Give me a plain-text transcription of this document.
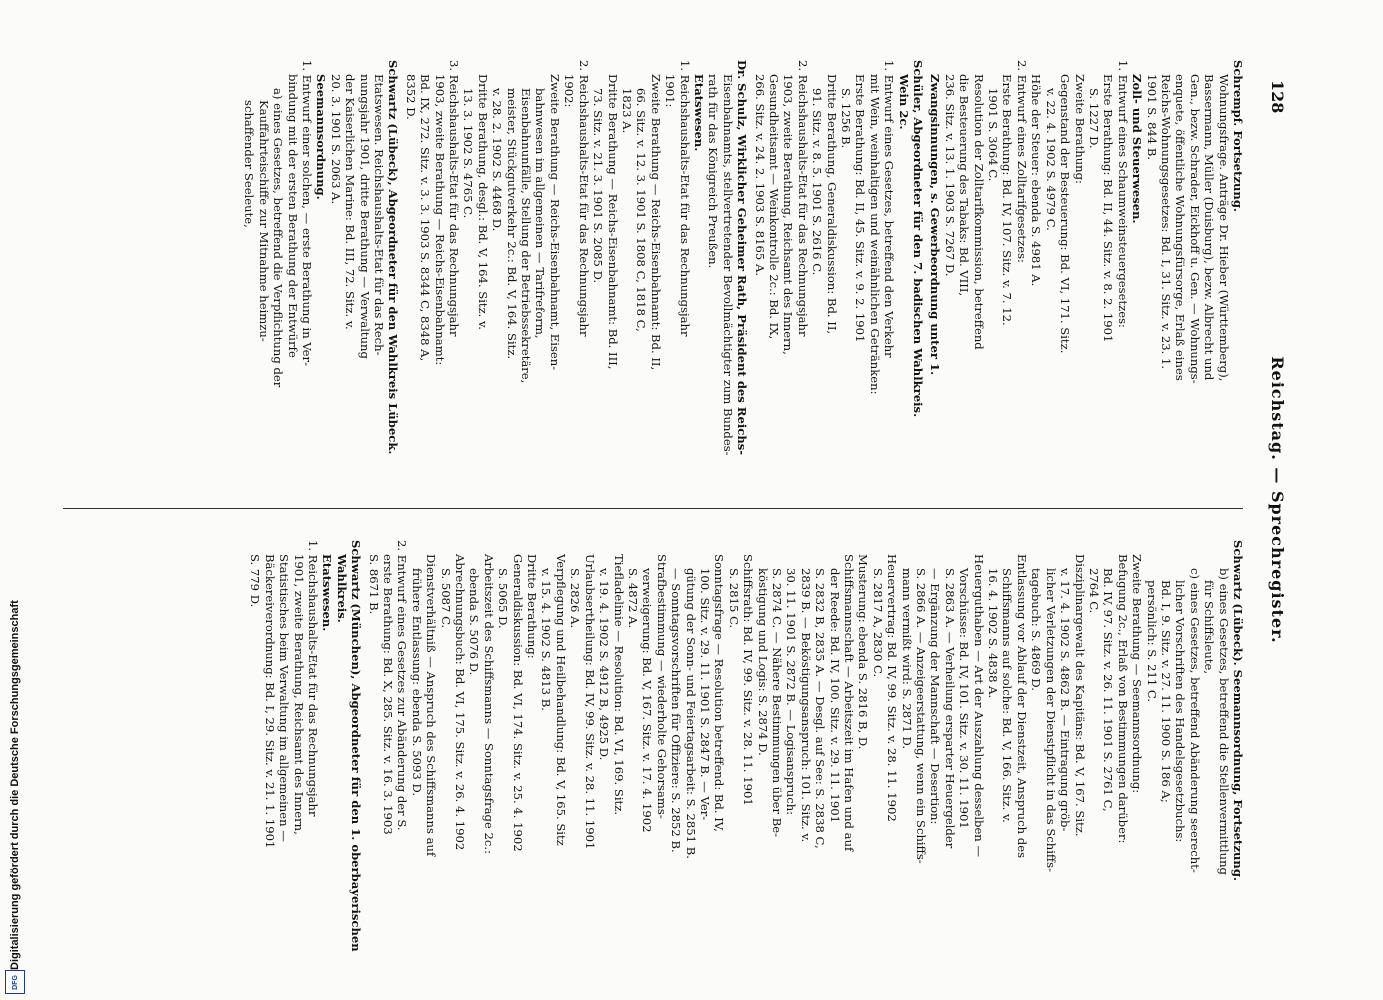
128
Reichstag. — Sprechregister.

Schrempf. Fortsetzung.

Wohnungsfrage. Anträge Dr. Hieber (Württemberg),

Bassermann, Müller (Duisburg), bezw. Albrecht und

Gen., bezw. Schrader, Eickhoff u. Gen. — Wohnungs-

enquete, öffentliche Wohnungsfürsorge, Erlaß eines

Reichs-Wohnungsgesetzes: Bd. I, 31. Sitz. v. 23. 1.

1901 S. 844 B.

Zoll- und Steuerwesen.

1. Entwurf eines Schaumweinsteuergesetzes:

Erste Berathung: Bd. II, 44. Sitz. v. 8. 2. 1901

S. 1227 D.

Zweite Berathung:

Gegenstand der Besteuerung: Bd. VI, 171. Sitz.

v. 22. 4. 1902 S. 4979 C.

Höhe der Steuer: ebenda S. 4981 A.

2. Entwurf eines Zolltarifgesetzes:

Erste Berathung: Bd. IV, 107. Sitz. v. 7. 12.

1901 S. 3064 C.

Resolution der Zolltarifkommission, betreffend

die Besteuerung des Tabaks: Bd. VIII,

236. Sitz. v. 13. 1. 1903 S. 7267 D.

Zwangsinnungen, s. Gewerbeordnung unter 1.

Schüler, Abgeordneter für den 7. badischen Wahlkreis.

Wein 2c.

1. Entwurf eines Gesetzes, betreffend den Verkehr

mit Wein, weinhaltigen und weinähnlichen Getränken:

Erste Berathung: Bd. II, 45. Sitz. v. 9. 2. 1901

S. 1256 B.

Dritte Berathung, Generaldiskussion: Bd. II,

91. Sitz. v. 8. 5. 1901 S. 2616 C.

2. Reichshaushalts-Etat für das Rechnungsjahr

1903, zweite Berathung, Reichsamt des Innern,

Gesundheitsamt — Weinkontrolle 2c.: Bd. IX,

266. Sitz. v. 24. 2. 1903 S. 8165 A.

Dr. Schulz, Wirklicher Geheimer Rath, Präsident des Reichs-

Eisenbahnamts, stellvertretender Bevollmächtigter zum Bundes-

rath für das Königreich Preußen.

Etatswesen.

1. Reichshaushalts-Etat für das Rechnungsjahr

1901:

Zweite Berathung — Reichs-Eisenbahnamt: Bd. II,

66. Sitz. v. 12. 3. 1901 S. 1808 C, 1818 C,

1823 A.

Dritte Berathung — Reichs-Eisenbahnamt: Bd. III,

73. Sitz. v. 21. 3. 1901 S. 2085 D.

2. Reichshaushalts-Etat für das Rechnungsjahr

1902:

Zweite Berathung — Reichs-Eisenbahnamt, Eisen-

bahnwesen im allgemeinen — Tarifreform,

Eisenbahnunfälle, Stellung der Betriebssekretäre,

meister, Stückgutverkehr 2c.: Bd. V, 164. Sitz.

v. 28. 2. 1902 S. 4468 D.

Dritte Berathung, desgl.: Bd. V, 164. Sitz. v.

13. 3. 1902 S. 4765 C.

3. Reichshaushalts-Etat für das Rechnungsjahr

1903, zweite Berathung — Reichs-Eisenbahnamt:

Bd. IX, 272. Sitz. v. 3. 3. 1903 S. 8344 C, 8348 A,

8352 D.

Schwartz (Lübeck), Abgeordneter für den Wahlkreis Lübeck.

Etatswesen. Reichshaushalts-Etat für das Rech-

nungsjahr 1901, dritte Berathung — Verwaltung

der Kaiserlichen Marine: Bd. III, 72. Sitz. v.

20. 3. 1901 S. 2063 A.

Seemannsordnung.

1. Entwurf einer solchen, — erste Berathung in Ver-

bindung mit der ersten Berathung der Entwürfe

a) eines Gesetzes, betreffend die Verpflichtung der

Kauffahrteischiffe zur Mitnahme heimzu-

schaffender Seeleute,

Schwartz (Lübeck). Seemannsordnung, Fortsetzung.

b) eines Gesetzes, betreffend die Stellenvermittlung

für Schiffsleute,

c) eines Gesetzes, betreffend Abänderung seerecht-

licher Vorschriften des Handelsgesetzbuchs:

Bd. I, 9. Sitz. v. 27. 11. 1900 S. 186 A;

persönlich: S. 211 C.

Zweite Berathung — Seemannsordnung:

Befugung 2c., Erlaß von Bestimmungen darüber:

Bd. IV, 97. Sitz. v. 26. 11. 1901 S. 2761 C,

2764 C.

Disziplinargewalt des Kapitäns: Bd. V, 167. Sitz.

v. 17. 4. 1902 S. 4862 B. — Eintragung gröb-

licher Verletzungen der Dienstpflicht in das Schiffs-

tagebuch: S. 4869 D.

Entlassung vor Ablauf der Dienstzeit, Anspruch des

Schiffsmanns auf solche: Bd. V, 166. Sitz. v.

16. 4. 1902 S. 4838 A.

Heuerguthaben — Art der Auszahlung desselben —

Vorschüsse: Bd. IV, 101. Sitz. v. 30. 11. 1901

S. 2863 A. — Verheilung ersparter Heuergelder

— Ergänzung der Mannschaft — Desertion:

S. 2866 A. — Anzeigeerstattung, wenn ein Schiffs-

mann vermißt wird: S. 2871 D.

Heuervertrag: Bd. IV, 99. Sitz. v. 28. 11. 1902

S. 2817 A, 2830 C.

Musterung: ebenda S. 2816 B, D.

Schiffsmannschaft — Arbeitszeit im Hafen und auf

der Reede: Bd. IV, 100. Sitz. v. 29. 11. 1901

S. 2832 B, 2835 A. — Desgl. auf See: S. 2838 C,

2839 B. — Beköstigungsanspruch: 101. Sitz. v.

30. 11. 1901 S. 2872 B. — Logisanspruch:

S. 2874 C. — Nähere Bestimmungen über Be-

köstigung und Logis: S. 2874 D.

Schiffsrath: Bd. IV, 99. Sitz. v. 28. 11. 1901

S. 2815 C.

Sonntagsfrage — Resolution betreffend: Bd. IV,

100. Sitz. v. 29. 11. 1901 S. 2847 B. — Ver-

gütung der Sonn- und Feiertagsarbeit: S. 2851 B.

— Sonntagsvorschriften für Offiziere: S. 2852 B.

Strafbestimmung — wiederholte Gehorsams-

verweigerung: Bd. V, 167. Sitz. v. 17. 4. 1902

S. 4872 A.

Tiefladelinie — Resolution: Bd. VI, 169. Sitz.

v. 19. 4. 1902 S. 4912 B, 4925 D.

Urlaubsertheilung: Bd. IV, 99. Sitz. v. 28. 11. 1901

S. 2826 A.

Verpflegung und Heilbehandlung: Bd. V, 165. Sitz

v. 15. 4. 1902 S. 4813 B.

Dritte Berathung:

Generaldiskussion: Bd. VI, 174. Sitz. v. 25. 4. 1902

S. 5065 D.

Arbeitszeit des Schiffsmanns — Sonntagsfrage 2c.:

ebenda S. 5076 D.

Abrechnungsbuch: Bd. VI, 175. Sitz. v. 26. 4. 1902

S. 5087 C.

Dienstverhältniß — Anspruch des Schiffsmanns auf

frühere Entlassung: ebenda S. 5093 D.

2. Entwurf eines Gesetzes zur Abänderung der S.

erste Berathung: Bd. X, 285. Sitz. v. 16. 3. 1903

S. 8671 B.

Schwartz (München), Abgeordneter für den 1. oberbayerischen

Wahlkreis.

Etatswesen.

1. Reichshaushalts-Etat für das Rechnungsjahr

1901, zweite Berathung, Reichsamt des Innern,

Statistisches beim Verwaltung im allgemeinen —

Bäckereiverordnung: Bd. I, 29. Sitz. v. 21. 1. 1901

S. 779 D.

Digitalisierung gefördert durch die Deutsche Forschungsgemeinschaft
DFG
